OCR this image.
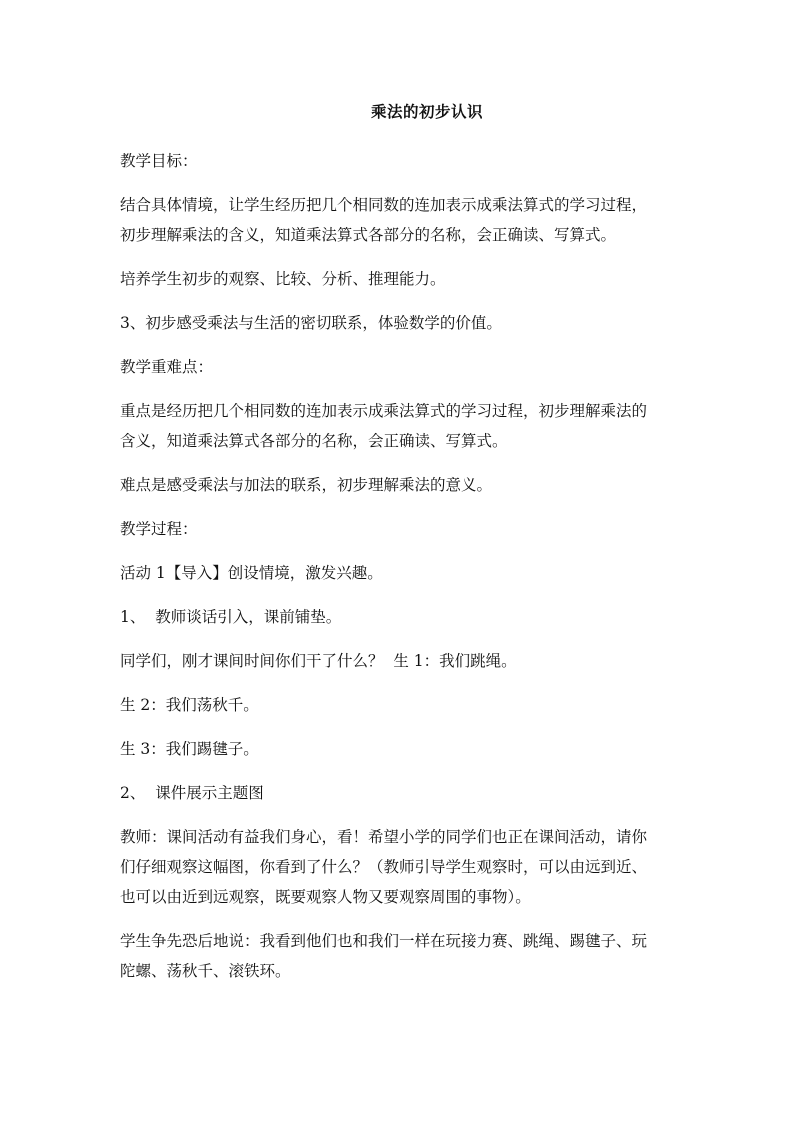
乘法的初步认识

教学目标：

结合具体情境，让学生经历把几个相同数的连加表示成乘法算式的学习过程，
初步理解乘法的含义，知道乘法算式各部分的名称，会正确读、写算式。

培养学生初步的观察、比较、分析、推理能力。

3、初步感受乘法与生活的密切联系，体验数学的价值。

教学重难点：

重点是经历把几个相同数的连加表示成乘法算式的学习过程，初步理解乘法的
含义，知道乘法算式各部分的名称，会正确读、写算式。

难点是感受乘法与加法的联系，初步理解乘法的意义。

教学过程：

活动 1【导入】创设情境，激发兴趣。

1、  教师谈话引入，课前铺垫。

同学们，刚才课间时间你们干了什么？  生 1：我们跳绳。

生 2：我们荡秋千。

生 3：我们踢毽子。

2、  课件展示主题图

教师：课间活动有益我们身心，看！希望小学的同学们也正在课间活动，请你
们仔细观察这幅图，你看到了什么？（教师引导学生观察时，可以由远到近、
也可以由近到远观察，既要观察人物又要观察周围的事物）。

学生争先恐后地说：我看到他们也和我们一样在玩接力赛、跳绳、踢毽子、玩
陀螺、荡秋千、滚铁环。
